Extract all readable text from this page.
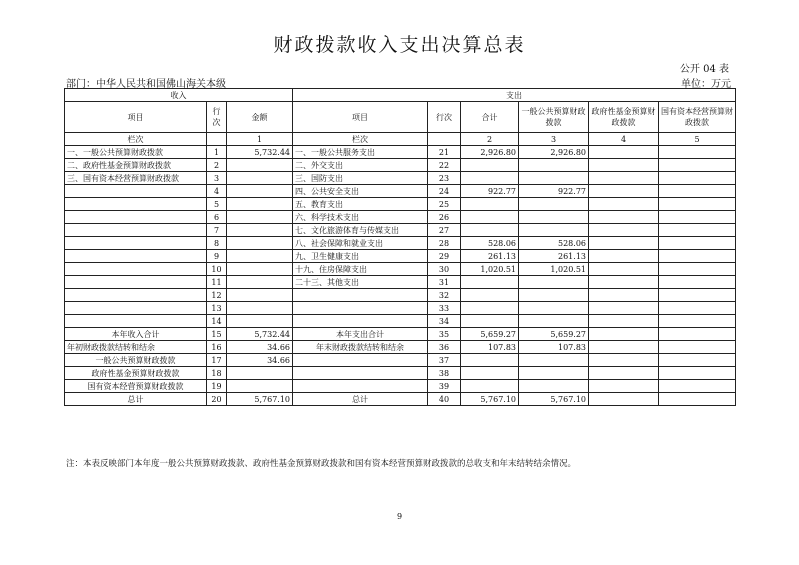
财政拨款收入支出决算总表
公开 04 表
部门：中华人民共和国佛山海关本级	单位：万元
收入			支出					
项目	行次	金额	项目	行次	合计	一般公共预算财政拨款	政府性基金预算财政拨款	国有资本经营预算财政拨款
栏次		1	栏次		2	3	4	5
一、一般公共预算财政拨款	1	5,732.44	一、一般公共服务支出	21	2,926.80	2,926.80		
二、政府性基金预算财政拨款	2		二、外交支出	22				
三、国有资本经营预算财政拨款	3		三、国防支出	23				
	4		四、公共安全支出	24	922.77	922.77		
	5		五、教育支出	25				
	6		六、科学技术支出	26				
	7		七、文化旅游体育与传媒支出	27				
	8		八、社会保障和就业支出	28	528.06	528.06		
	9		九、卫生健康支出	29	261.13	261.13		
	10		十九、住房保障支出	30	1,020.51	1,020.51		
	11		二十三、其他支出	31				
	12			32				
	13			33				
	14			34				
本年收入合计	15	5,732.44	本年支出合计	35	5,659.27	5,659.27		
年初财政拨款结转和结余	16	34.66	年末财政拨款结转和结余	36	107.83	107.83		
一般公共预算财政拨款	17	34.66		37				
政府性基金预算财政拨款	18			38				
国有资本经营预算财政拨款	19			39				
总计	20	5,767.10	总计	40	5,767.10	5,767.10		
注：本表反映部门本年度一般公共预算财政拨款、政府性基金预算财政拨款和国有资本经营预算财政拨款的总收支和年末结转结余情况。
9
